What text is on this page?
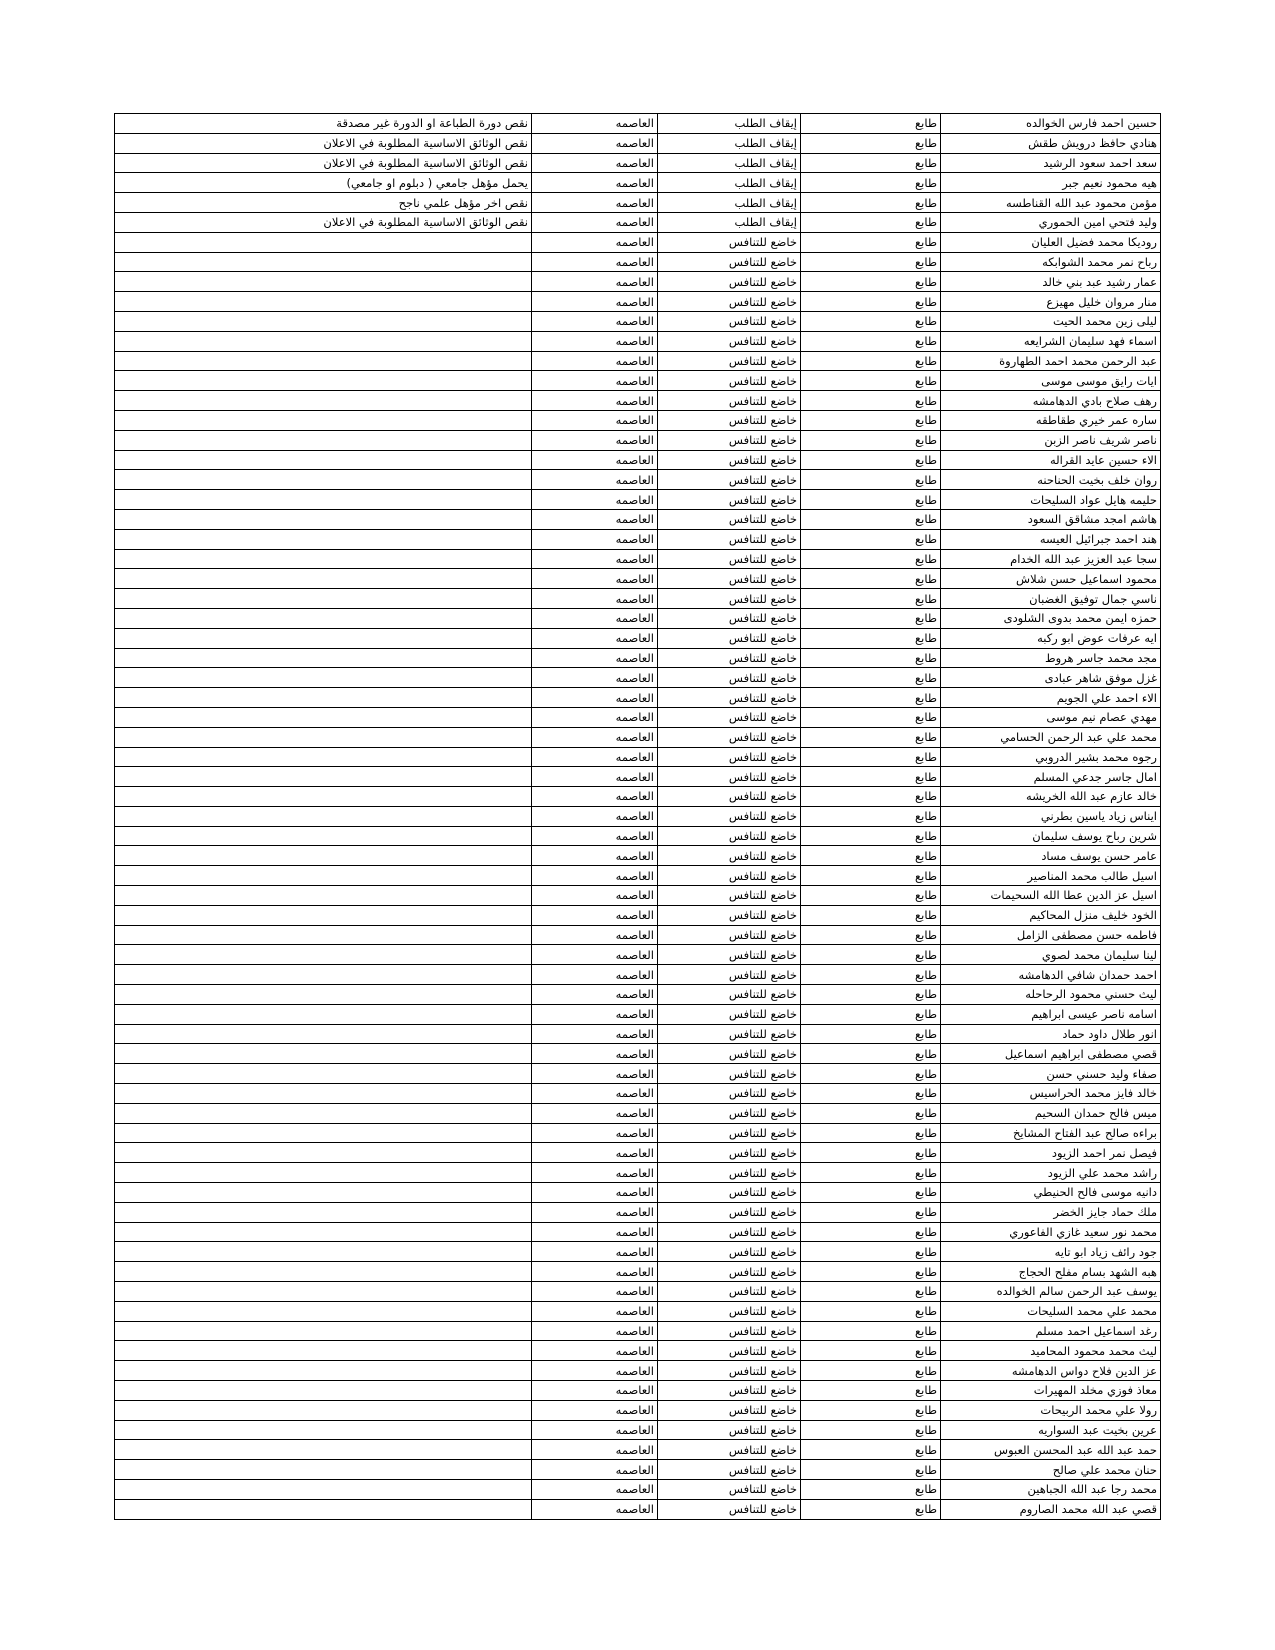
حسين احمد فارس الخوالده	طابع	إيقاف الطلب	العاصمه	نقص دورة الطباعة او الدورة غير مصدقة
هنادي حافظ درويش طقش	طابع	إيقاف الطلب	العاصمه	نقص الوثائق الاساسية المطلوبة في الاعلان
سعد احمد سعود الرشيد	طابع	إيقاف الطلب	العاصمه	نقص الوثائق الاساسية المطلوبة في الاعلان
هيه محمود نعيم جبر	طابع	إيقاف الطلب	العاصمه	يحمل مؤهل جامعي ( دبلوم او جامعي)
مؤمن محمود عبد الله القناطسه	طابع	إيقاف الطلب	العاصمه	نقص اخر مؤهل علمي ناجح
وليد فتحي امين الحموري	طابع	إيقاف الطلب	العاصمه	نقص الوثائق الاساسية المطلوبة في الاعلان
روديكا محمد فضيل العليان	طابع	خاضع للتنافس	العاصمه	
رباح نمر محمد الشوابكه	طابع	خاضع للتنافس	العاصمه	
عمار رشيد عبد بني خالد	طابع	خاضع للتنافس	العاصمه	
منار مروان خليل مهيزع	طابع	خاضع للتنافس	العاصمه	
ليلى زين محمد الحيت	طابع	خاضع للتنافس	العاصمه	
اسماء فهد سليمان الشرايعه	طابع	خاضع للتنافس	العاصمه	
عبد الرحمن محمد احمد الطهاروة	طابع	خاضع للتنافس	العاصمه	
ايات رايق موسى موسى	طابع	خاضع للتنافس	العاصمه	
رهف صلاح بادي الدهامشه	طابع	خاضع للتنافس	العاصمه	
ساره عمر خيري طقاطقه	طابع	خاضع للتنافس	العاصمه	
ناصر شريف ناصر الزبن	طابع	خاضع للتنافس	العاصمه	
الاء حسين عايد القراله	طابع	خاضع للتنافس	العاصمه	
روان خلف بخيت الحناحنه	طابع	خاضع للتنافس	العاصمه	
حليمه هايل عواد السليحات	طابع	خاضع للتنافس	العاصمه	
هاشم امجد مشاقق السعود	طابع	خاضع للتنافس	العاصمه	
هند احمد جبرائيل العيسه	طابع	خاضع للتنافس	العاصمه	
سجا عبد العزيز عبد الله الخدام	طابع	خاضع للتنافس	العاصمه	
محمود اسماعيل حسن شلاش	طابع	خاضع للتنافس	العاصمه	
ناسي جمال توفيق الغضبان	طابع	خاضع للتنافس	العاصمه	
حمزه ايمن محمد بدوى الشلودى	طابع	خاضع للتنافس	العاصمه	
ايه عرفات عوض ابو ركبه	طابع	خاضع للتنافس	العاصمه	
مجد محمد جاسر هروط	طابع	خاضع للتنافس	العاصمه	
غزل موفق شاهر عبادى	طابع	خاضع للتنافس	العاصمه	
الاء احمد علي الجويم	طابع	خاضع للتنافس	العاصمه	
مهدي عصام نيم موسى	طابع	خاضع للتنافس	العاصمه	
محمد علي عبد الرحمن الحسامي	طابع	خاضع للتنافس	العاصمه	
رجوه محمد بشير الدروبي	طابع	خاضع للتنافس	العاصمه	
امال جاسر جدعي المسلم	طابع	خاضع للتنافس	العاصمه	
خالد عازم عبد الله الخريشه	طابع	خاضع للتنافس	العاصمه	
ايناس زياد ياسين بطرني	طابع	خاضع للتنافس	العاصمه	
شرين رباح يوسف سليمان	طابع	خاضع للتنافس	العاصمه	
عامر حسن يوسف مساد	طابع	خاضع للتنافس	العاصمه	
اسيل طالب محمد المناصير	طابع	خاضع للتنافس	العاصمه	
اسيل عز الدين عطا الله السحيمات	طابع	خاضع للتنافس	العاصمه	
الخود خليف منزل المحاكيم	طابع	خاضع للتنافس	العاصمه	
فاطمه حسن مصطفى الزامل	طابع	خاضع للتنافس	العاصمه	
لينا سليمان محمد لصوي	طابع	خاضع للتنافس	العاصمه	
احمد حمدان شافي الدهامشه	طابع	خاضع للتنافس	العاصمه	
ليث حسني محمود الرحاحله	طابع	خاضع للتنافس	العاصمه	
اسامه ناصر عيسى ابراهيم	طابع	خاضع للتنافس	العاصمه	
انور طلال داود حماد	طابع	خاضع للتنافس	العاصمه	
قصي مصطفى ابراهيم اسماعيل	طابع	خاضع للتنافس	العاصمه	
صفاء وليد حسني حسن	طابع	خاضع للتنافس	العاصمه	
خالد فايز محمد الحراسيس	طابع	خاضع للتنافس	العاصمه	
ميس فالح حمدان السحيم	طابع	خاضع للتنافس	العاصمه	
براءه صالح عبد الفتاح المشايخ	طابع	خاضع للتنافس	العاصمه	
فيصل نمر احمد الزيود	طابع	خاضع للتنافس	العاصمه	
راشد محمد علي الزيود	طابع	خاضع للتنافس	العاصمه	
دانيه موسى فالح الحنيطي	طابع	خاضع للتنافس	العاصمه	
ملك حماد جايز الخضر	طابع	خاضع للتنافس	العاصمه	
محمد نور سعيد غازي الفاعوري	طابع	خاضع للتنافس	العاصمه	
جود رائف زياد ابو تايه	طابع	خاضع للتنافس	العاصمه	
هبه الشهد بسام مفلح الحجاج	طابع	خاضع للتنافس	العاصمه	
يوسف عبد الرحمن سالم الخوالده	طابع	خاضع للتنافس	العاصمه	
محمد علي محمد السليحات	طابع	خاضع للتنافس	العاصمه	
رغد اسماعيل احمد مسلم	طابع	خاضع للتنافس	العاصمه	
ليث محمد محمود المحاميد	طابع	خاضع للتنافس	العاصمه	
عز الدين فلاح دواس الدهامشه	طابع	خاضع للتنافس	العاصمه	
معاذ فوزي مخلد المهيرات	طابع	خاضع للتنافس	العاصمه	
رولا علي محمد الربيحات	طابع	خاضع للتنافس	العاصمه	
عرين بخيت عبد السواريه	طابع	خاضع للتنافس	العاصمه	
حمد عبد الله عبد المحسن العبوس	طابع	خاضع للتنافس	العاصمه	
حنان محمد علي صالح	طابع	خاضع للتنافس	العاصمه	
محمد رجا عبد الله الجباهين	طابع	خاضع للتنافس	العاصمه	
قصي عبد الله محمد الصاروم	طابع	خاضع للتنافس	العاصمه	
